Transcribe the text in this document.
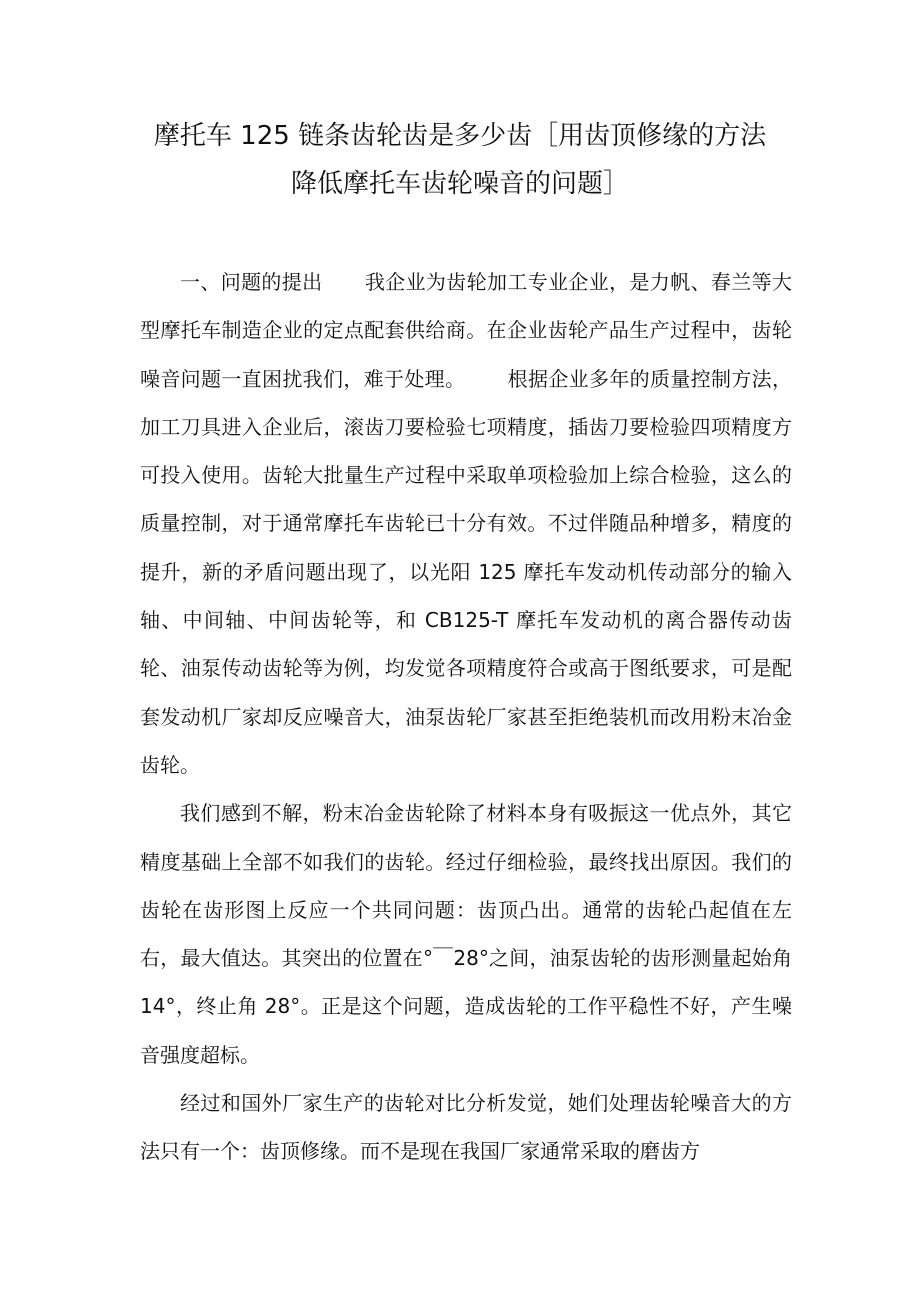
摩托车 125 链条齿轮齿是多少齿［用齿顶修缘的方法
降低摩托车齿轮噪音的问题］

一、问题的提出 我企业为齿轮加工专业企业，是力帆、春兰等大型摩托车制造企业的定点配套供给商。在企业齿轮产品生产过程中，齿轮噪音问题一直困扰我们，难于处理。 根据企业多年的质量控制方法，加工刀具进入企业后，滚齿刀要检验七项精度，插齿刀要检验四项精度方可投入使用。齿轮大批量生产过程中采取单项检验加上综合检验，这么的质量控制，对于通常摩托车齿轮已十分有效。不过伴随品种增多，精度的提升，新的矛盾问题出现了，以光阳 125 摩托车发动机传动部分的输入轴、中间轴、中间齿轮等，和 CB125-T 摩托车发动机的离合器传动齿轮、油泵传动齿轮等为例，均发觉各项精度符合或高于图纸要求，可是配套发动机厂家却反应噪音大，油泵齿轮厂家甚至拒绝装机而改用粉末冶金齿轮。

我们感到不解，粉末冶金齿轮除了材料本身有吸振这一优点外，其它精度基础上全部不如我们的齿轮。经过仔细检验，最终找出原因。我们的齿轮在齿形图上反应一个共同问题：齿顶凸出。通常的齿轮凸起值在左右，最大值达。其突出的位置在°￣28°之间，油泵齿轮的齿形测量起始角 14°，终止角 28°。正是这个问题，造成齿轮的工作平稳性不好，产生噪音强度超标。

经过和国外厂家生产的齿轮对比分析发觉，她们处理齿轮噪音大的方法只有一个：齿顶修缘。而不是现在我国厂家通常采取的磨齿方
